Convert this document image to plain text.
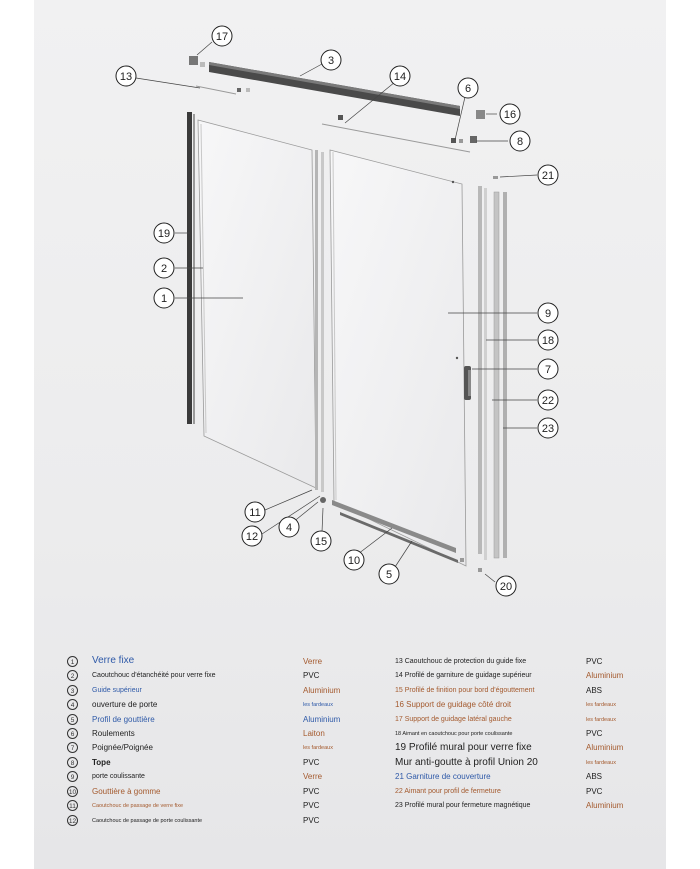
17
3
13	14
6
16
8
21
19
2
1
9
18
7
22
23
11
12
4
15
10
5
20
1	Verre fixe	Verre
2	Caoutchouc d'étanchéité pour verre fixe	PVC
3	Guide supérieur	Aluminium
4	ouverture de porte	les fardeaux
5	Profil de gouttière	Aluminium
6	Roulements	Laiton
7	Poignée/Poignée	les fardeaux
8	Tope	PVC
9	porte coulissante	Verre
10 Gouttière à gomme	PVC
11	Caoutchouc de passage de verre fixe	PVC
12	Caoutchouc de passage de porte coulissante	PVC
13 Caoutchouc de protection du guide fixe	PVC
14 Profilé de garniture de guidage supérieur	Aluminium
15 Profilé de finition pour bord d'égouttement	ABS
16 Support de guidage côté droit	les fardeaux
17 Support de guidage latéral gauche	les fardeaux
18 Aimant en caoutchouc pour porte coulissante	PVC
19 Profilé mural pour verre fixe	Aluminium
Mur anti-goutte à profil Union 20	les fardeaux
21 Garniture de couverture	ABS
22 Aimant pour profil de fermeture	PVC
23 Profilé mural pour fermeture magnétique	Aluminium
